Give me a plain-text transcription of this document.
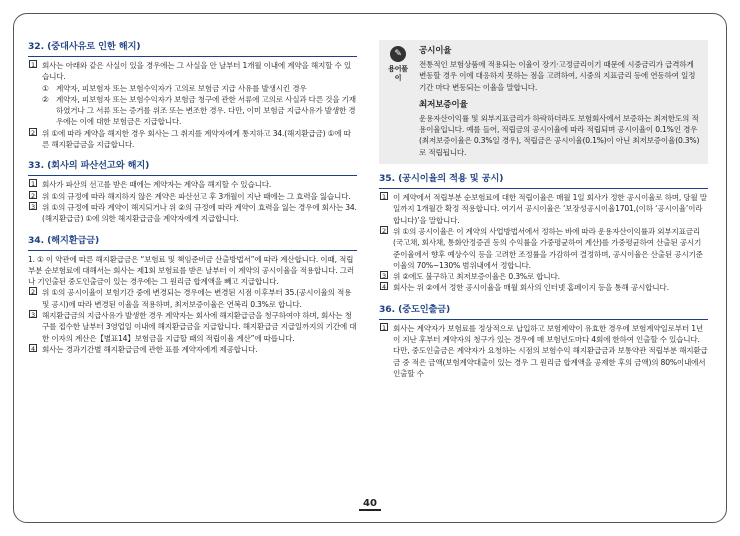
32. (중대사유로 인한 해지)

1 회사는 아래와 같은 사실이 있을 경우에는 그 사실을 안 날부터 1개월 이내에 계약을 해지할 수 있습니다.

① 계약자, 피보험자 또는 보험수익자가 고의로 보험금 지급 사유를 발생시킨 경우

② 계약자, 피보험자 또는 보험수익자가 보험금 청구에 관한 서류에 고의로 사실과 다른 것을 기재하였거나 그 서류 또는 증거를 위조 또는 변조한 경우. 다만, 이미 보험금 지급사유가 발생한 경우에는 이에 대한 보험금은 지급합니다.

2 위 ①에 따라 계약을 해지한 경우 회사는 그 취지를 계약자에게 통지하고 34.(해지환급금) ①에 따른 해지환급금을 지급합니다.

33. (회사의 파산선고와 해지)

1 회사가 파산의 선고를 받은 때에는 계약자는 계약을 해지할 수 있습니다.

2 위 ①의 규정에 따라 해지하지 않은 계약은 파산선고 후 3개월이 지난 때에는 그 효력을 잃습니다.

3 위 ①의 규정에 따라 계약이 해지되거나 위 ②의 규정에 따라 계약이 효력을 잃는 경우에 회사는 34.(해지환급금) ①에 의한 해지환급금을 계약자에게 지급합니다.

34. (해지환급금)

1. ① 이 약관에 따른 해지환급금은 “보험료 및 책임준비금 산출방법서”에 따라 계산합니다. 이때, 적립부분 순보험료에 대해서는 회사는 제1회 보험료를 받은 날부터 이 계약의 공시이율을 적용합니다. 그러나 기인출된 중도인출금이 있는 경우에는 그 원리금 합계액을 빼고 지급합니다.

2 위 ①의 공시이율이 보험기간 중에 변경되는 경우에는 변경된 시점 이후부터 35.(공시이율의 적용 및 공시)에 따라 변경된 이율을 적용하며, 최저보증이율은 연복리 0.3%로 합니다.

3 해지환급금의 지급사유가 발생한 경우 계약자는 회사에 해지환급금을 청구하여야 하며, 회사는 청구를 접수한 날부터 3영업일 이내에 해지환급금을 지급합니다. 해지환급금 지급일까지의 기간에 대한 이자의 계산은【별표14】보험금을 지급할 때의 적립이율 계산”에 따릅니다.

4 회사는 경과기간별 해지환급금에 관한 표를 계약자에게 제공합니다.

✎
용어풀이
공시이율

전통적인 보험상품에 적용되는 이율이 장기·고정금리이기 때문에 시중금리가 급격하게 변동할 경우 이에 대응하지 못하는 점을 고려하여, 시중의 지표금리 등에 연동하여 일정기간 마다 변동되는 이율을 말합니다.

최저보증이율

운용자산이익률 및 외부지표금리가 하락하더라도 보험회사에서 보증하는 최저한도의 적용이율입니다. 예를 들어, 적립금의 공시이율에 따라 적립되며 공시이율이 0.1%인 경우(최저보증이율은 0.3%일 경우), 적립금은 공시이율(0.1%)이 아닌 최저보증이율(0.3%)로 적립됩니다.

35. (공시이율의 적용 및 공시)

1 이 계약에서 적립부분 순보험료에 대한 적립이율은 매월 1일 회사가 정한 공시이율로 하며, 당월 말일까지 1개월간 확정 적용합니다. 여기서 공시이율은 ‘보장성공시이율1701,(이하 ‘공시이율’이라 합니다)’을 말합니다.

2 위 ①의 공시이율은 이 계약의 사업방법서에서 정하는 바에 따라 운용자산이익률과 외부지표금리(국고채, 회사채, 통화안정증권 등의 수익률을 가중평균하여 계산)를 가중평균하여 산출된 공시기준이율에서 향후 예상수익 등을 고려한 조정률을 가감하여 결정하며, 공시이율은 산출된 공시기준이율의 70%~130% 범위내에서 정합니다.

3 위 ②에도 불구하고 최저보증이율은 0.3%로 합니다.

4 회사는 위 ②에서 정한 공시이율을 매월 회사의 인터넷 홈페이지 등을 통해 공시합니다.

36. (중도인출금)

1 회사는 계약자가 보험료를 정상적으로 납입하고 보험계약이 유효한 경우에 보험계약일로부터 1년이 지난 후부터 계약자의 청구가 있는 경우에 매 보험년도마다 4회에 한하여 인출할 수 있습니다. 다만, 중도인출금은 계약자가 요청하는 시점의 보험수익 해지환급금과 보통약관 적립부분 해지환급금 중 적은 금액(보험계약대출이 있는 경우 그 원리금 합계액을 공제한 후의 금액)의 80%이내에서 인출할 수

40
